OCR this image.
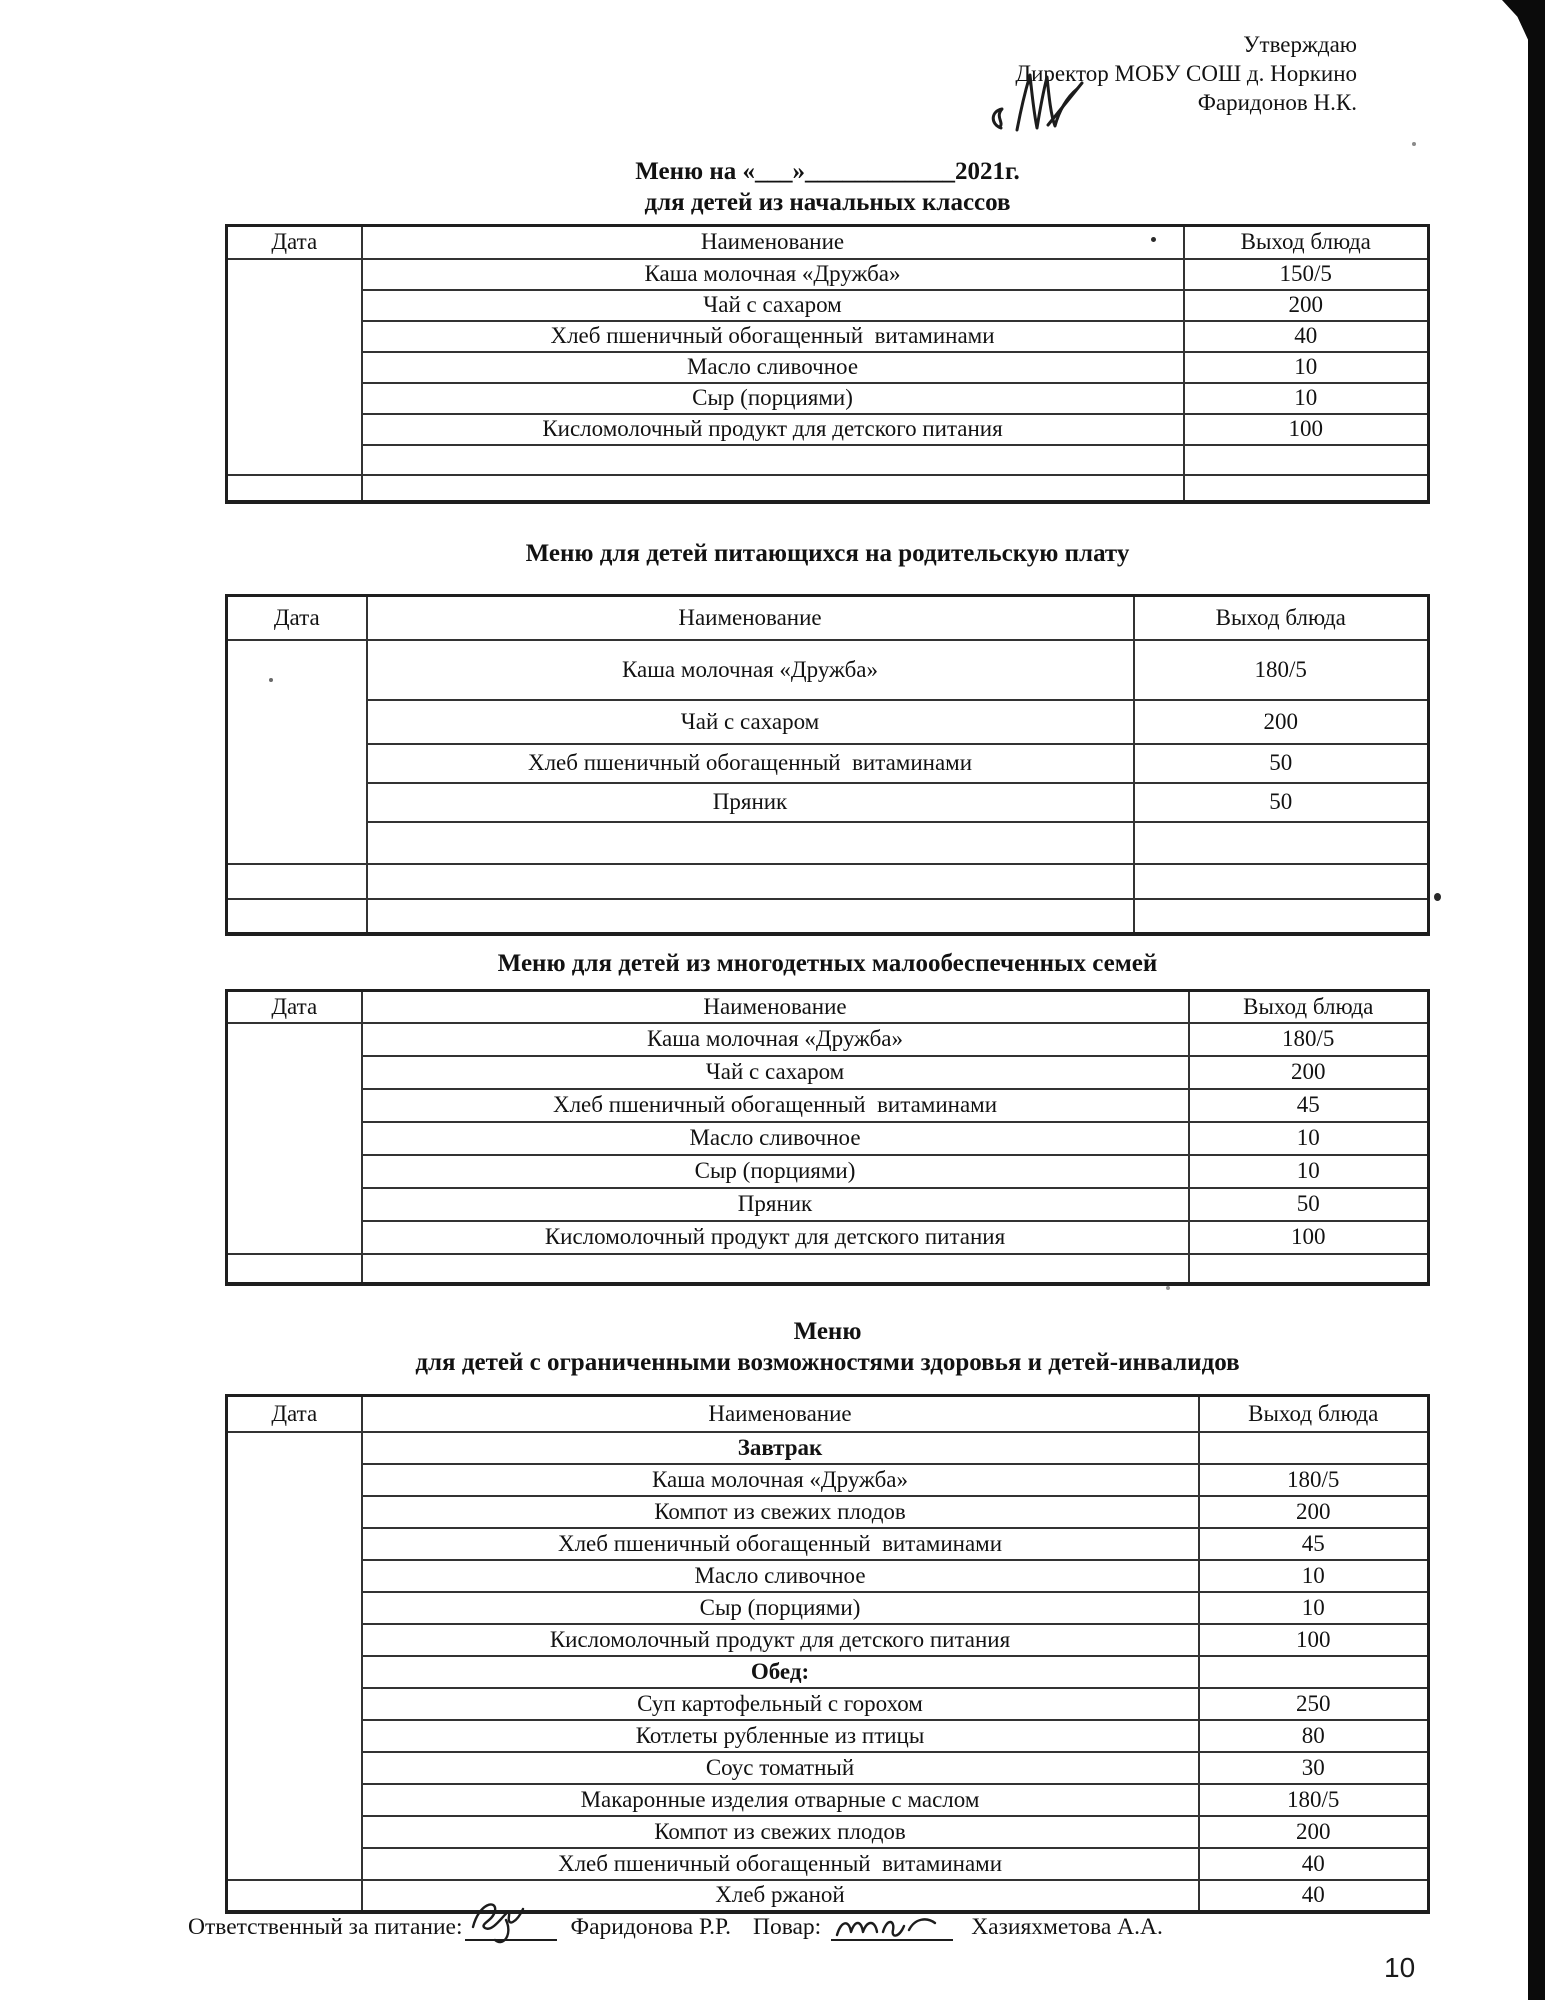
Утверждаю
Директор МОБУ СОШ д. Норкино
Фаридонов Н.К.
Меню на «___»____________2021г.
для детей из начальных классов
Дата	Наименование	Выход блюда
	Каша молочная «Дружба»	150/5
	Чай с сахаром	200
	Хлеб пшеничный обогащенный  витаминами	40
	Масло сливочное	10
	Сыр (порциями)	10
	Кисломолочный продукт для детского питания	100

Меню для детей питающихся на родительскую плату
Дата	Наименование	Выход блюда
	Каша молочная «Дружба»	180/5
	Чай с сахаром	200
	Хлеб пшеничный обогащенный  витаминами	50
	Пряник	50

Меню для детей из многодетных малообеспеченных семей
Дата	Наименование	Выход блюда
	Каша молочная «Дружба»	180/5
	Чай с сахаром	200
	Хлеб пшеничный обогащенный  витаминами	45
	Масло сливочное	10
	Сыр (порциями)	10
	Пряник	50
	Кисломолочный продукт для детского питания	100

Меню
для детей с ограниченными возможностями здоровья и детей-инвалидов
Дата	Наименование	Выход блюда
	Завтрак	
	Каша молочная «Дружба»	180/5
	Компот из свежих плодов	200
	Хлеб пшеничный обогащенный  витаминами	45
	Масло сливочное	10
	Сыр (порциями)	10
	Кисломолочный продукт для детского питания	100
	Обед:	
	Суп картофельный с горохом	250
	Котлеты рубленные из птицы	80
	Соус томатный	30
	Макаронные изделия отварные с маслом	180/5
	Компот из свежих плодов	200
	Хлеб пшеничный обогащенный  витаминами	40
	Хлеб ржаной	40
Ответственный за питание:	Фаридонова Р.Р. Повар:	Хазияхметова А.А.
10
